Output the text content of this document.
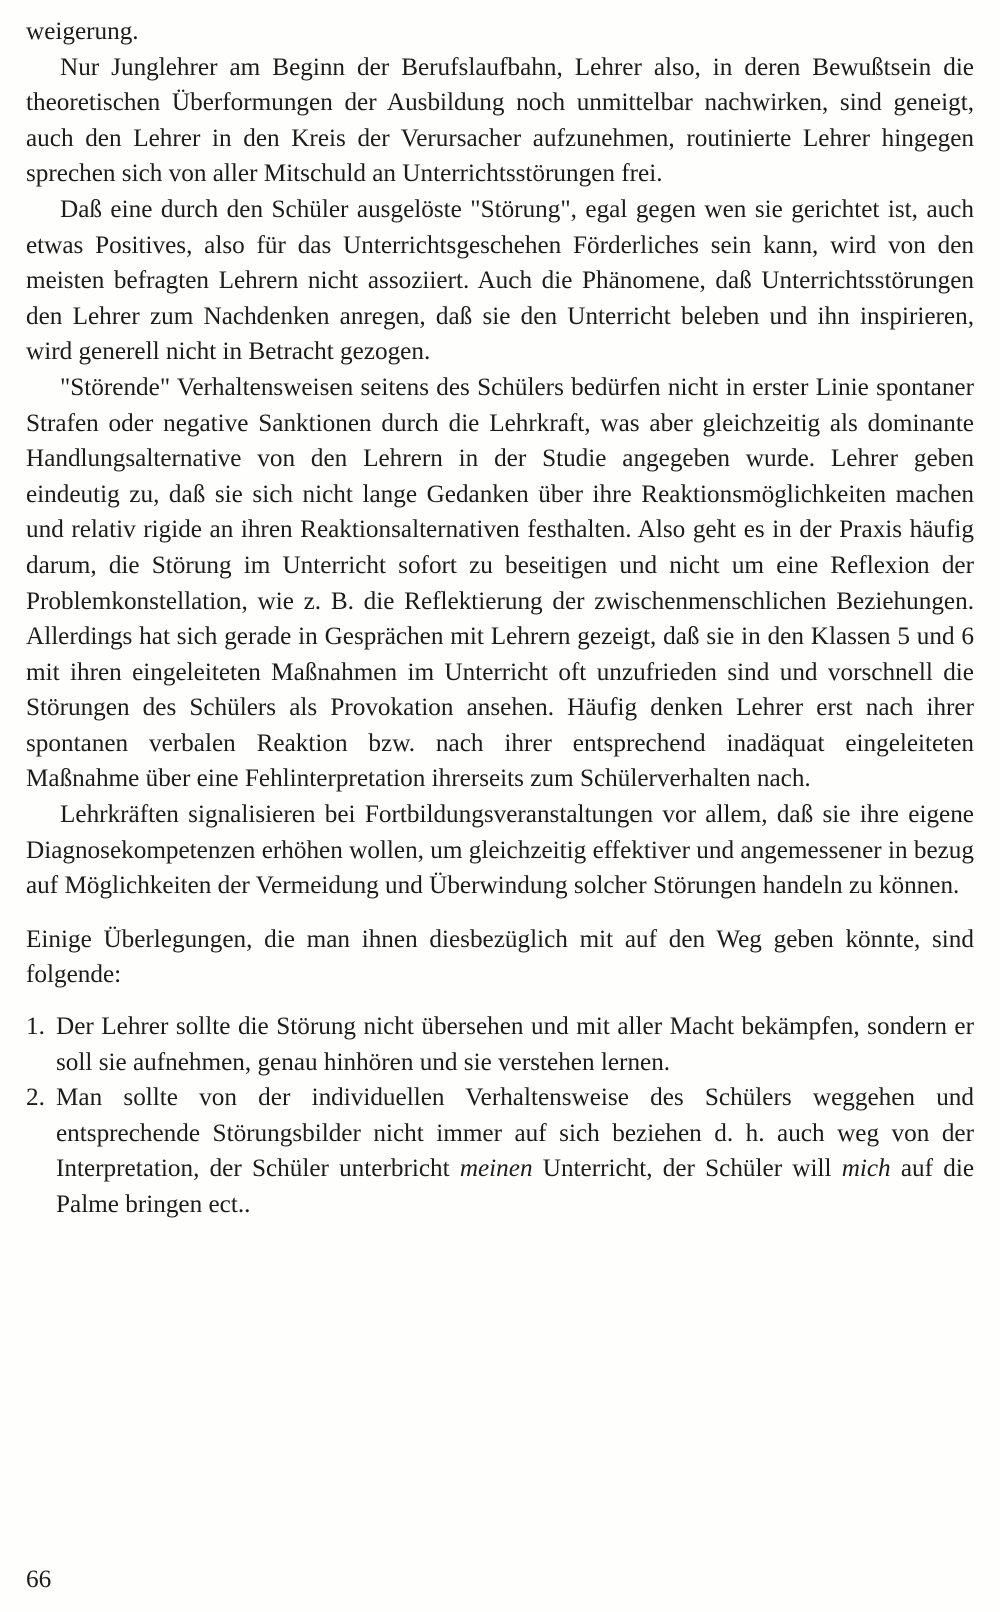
weigerung.

Nur Junglehrer am Beginn der Berufslaufbahn, Lehrer also, in deren Bewußtsein die theoretischen Überformungen der Ausbildung noch unmittelbar nachwirken, sind geneigt, auch den Lehrer in den Kreis der Verursacher aufzunehmen, routinierte Lehrer hingegen sprechen sich von aller Mitschuld an Unterrichtsstörungen frei.

Daß eine durch den Schüler ausgelöste "Störung", egal gegen wen sie gerichtet ist, auch etwas Positives, also für das Unterrichtsgeschehen Förderliches sein kann, wird von den meisten befragten Lehrern nicht assoziiert. Auch die Phänomene, daß Unterrichtsstörungen den Lehrer zum Nachdenken anregen, daß sie den Unterricht beleben und ihn inspirieren, wird generell nicht in Betracht gezogen.

"Störende" Verhaltensweisen seitens des Schülers bedürfen nicht in erster Linie spontaner Strafen oder negative Sanktionen durch die Lehrkraft, was aber gleichzeitig als dominante Handlungsalternative von den Lehrern in der Studie angegeben wurde. Lehrer geben eindeutig zu, daß sie sich nicht lange Gedanken über ihre Reaktionsmöglichkeiten machen und relativ rigide an ihren Reaktionsalternativen festhalten. Also geht es in der Praxis häufig darum, die Störung im Unterricht sofort zu beseitigen und nicht um eine Reflexion der Problemkonstellation, wie z. B. die Reflektierung der zwischenmenschlichen Beziehungen. Allerdings hat sich gerade in Gesprächen mit Lehrern gezeigt, daß sie in den Klassen 5 und 6 mit ihren eingeleiteten Maßnahmen im Unterricht oft unzufrieden sind und vorschnell die Störungen des Schülers als Provokation ansehen. Häufig denken Lehrer erst nach ihrer spontanen verbalen Reaktion bzw. nach ihrer entsprechend inadäquat eingeleiteten Maßnahme über eine Fehlinterpretation ihrerseits zum Schülerverhalten nach.

Lehrkräften signalisieren bei Fortbildungsveranstaltungen vor allem, daß sie ihre eigene Diagnosekompetenzen erhöhen wollen, um gleichzeitig effektiver und angemessener in bezug auf Möglichkeiten der Vermeidung und Überwindung solcher Störungen handeln zu können.

Einige Überlegungen, die man ihnen diesbezüglich mit auf den Weg geben könnte, sind folgende:

1. Der Lehrer sollte die Störung nicht übersehen und mit aller Macht bekämpfen, sondern er soll sie aufnehmen, genau hinhören und sie verstehen lernen.
2. Man sollte von der individuellen Verhaltensweise des Schülers weggehen und entsprechende Störungsbilder nicht immer auf sich beziehen d. h. auch weg von der Interpretation, der Schüler unterbricht meinen Unterricht, der Schüler will mich auf die Palme bringen ect..
66
